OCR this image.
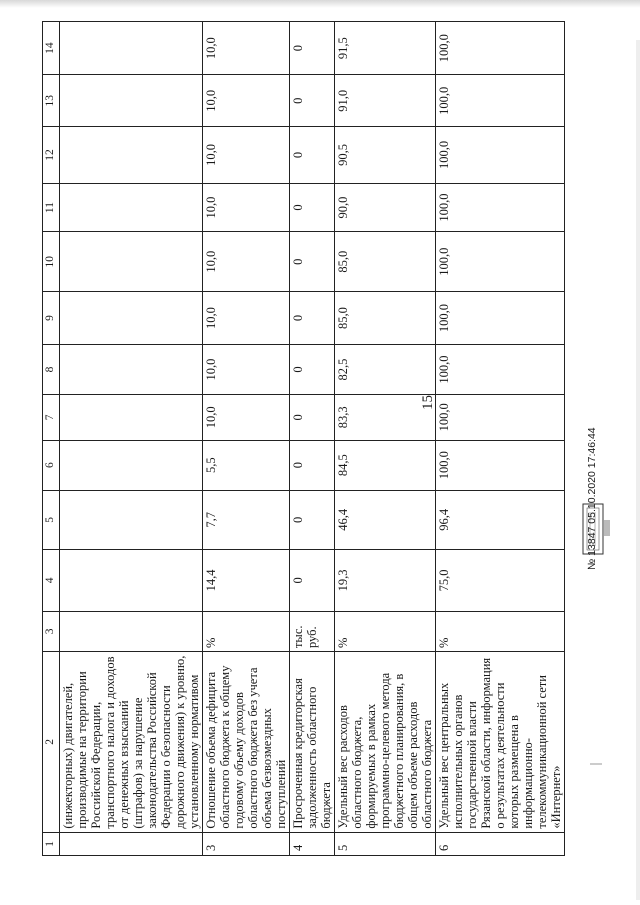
15
1	2	3	4	5	6	7	8	9	10	11	12	13	14
	(инжекторных) двигателей, производимые на территории Российской Федерации, транспортного налога и доходов от денежных взысканий (штрафов) за нарушение законодательства Российской Федерации о безопасности дорожного движения) к уровню, установленному нормативом												
3	Отношение объема дефицита областного бюджета к общему годовому объему доходов областного бюджета без учета объема безвозмездных поступлений	%	14,4	7,7	5,5	10,0	10,0	10,0	10,0	10,0	10,0	10,0	10,0
4	Просроченная кредиторская задолженность областного бюджета	тыс. руб.	0	0	0	0	0	0	0	0	0	0	0
5	Удельный вес расходов областного бюджета, формируемых в рамках программно-целевого метода бюджетного планирования, в общем объеме расходов областного бюджета	%	19,3	46,4	84,5	83,3	82,5	85,0	85,0	90,0	90,5	91,0	91,5
6	Удельный вес центральных исполнительных органов государственной власти Рязанской области, информация о результатах деятельности которых размещена в информационно-телекоммуникационной сети «Интернет»	%	75,0	96,4	100,0	100,0	100,0	100,0	100,0	100,0	100,0	100,0	100,0
№ 13847 05.10.2020 17:46:44
